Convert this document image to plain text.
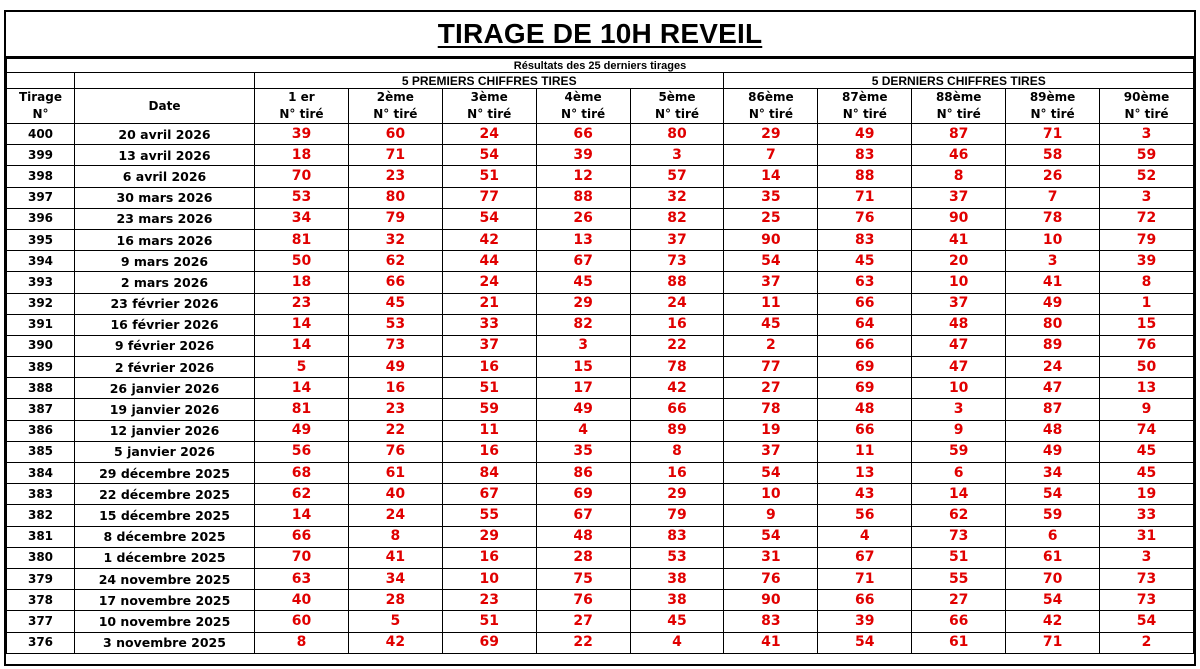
TIRAGE DE 10H REVEIL
Résultats des 25 derniers tirages											
		5 PREMIERS CHIFFRES TIRES					5 DERNIERS CHIFFRES TIRES				
Tirage	Date	1 er	2ème	3ème	4ème	5ème	86ème	87ème	88ème	89ème	90ème
N°		N° tiré	N° tiré	N° tiré	N° tiré	N° tiré	N° tiré	N° tiré	N° tiré	N° tiré	N° tiré
400	20 avril 2026	39	60	24	66	80	29	49	87	71	3
399	13 avril 2026	18	71	54	39	3	7	83	46	58	59
398	6 avril 2026	70	23	51	12	57	14	88	8	26	52
397	30 mars 2026	53	80	77	88	32	35	71	37	7	3
396	23 mars 2026	34	79	54	26	82	25	76	90	78	72
395	16 mars 2026	81	32	42	13	37	90	83	41	10	79
394	9 mars 2026	50	62	44	67	73	54	45	20	3	39
393	2 mars 2026	18	66	24	45	88	37	63	10	41	8
392	23 février 2026	23	45	21	29	24	11	66	37	49	1
391	16 février 2026	14	53	33	82	16	45	64	48	80	15
390	9 février 2026	14	73	37	3	22	2	66	47	89	76
389	2 février 2026	5	49	16	15	78	77	69	47	24	50
388	26 janvier 2026	14	16	51	17	42	27	69	10	47	13
387	19 janvier 2026	81	23	59	49	66	78	48	3	87	9
386	12 janvier 2026	49	22	11	4	89	19	66	9	48	74
385	5 janvier 2026	56	76	16	35	8	37	11	59	49	45
384	29 décembre 2025	68	61	84	86	16	54	13	6	34	45
383	22 décembre 2025	62	40	67	69	29	10	43	14	54	19
382	15 décembre 2025	14	24	55	67	79	9	56	62	59	33
381	8 décembre 2025	66	8	29	48	83	54	4	73	6	31
380	1 décembre 2025	70	41	16	28	53	31	67	51	61	3
379	24 novembre 2025	63	34	10	75	38	76	71	55	70	73
378	17 novembre 2025	40	28	23	76	38	90	66	27	54	73
377	10 novembre 2025	60	5	51	27	45	83	39	66	42	54
376	3 novembre 2025	8	42	69	22	4	41	54	61	71	2
